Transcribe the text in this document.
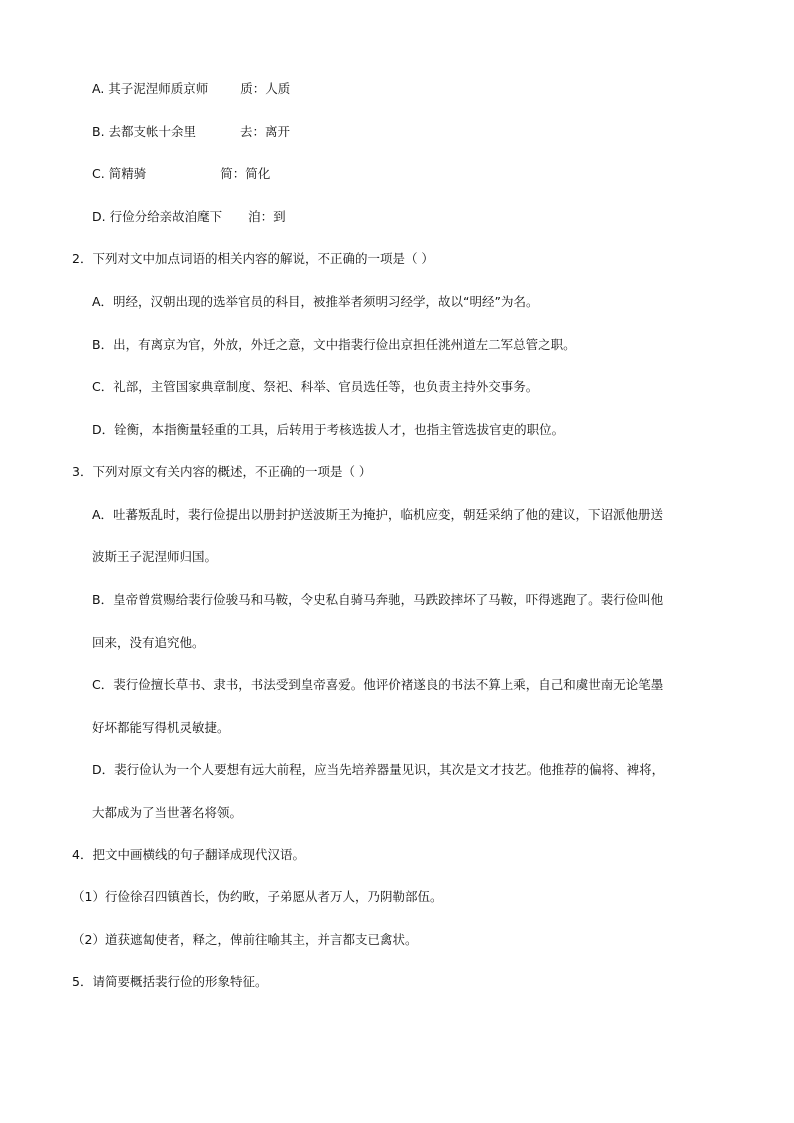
A. 其子泥涅师质京师	质：人质
B. 去都支帐十余里	去：离开
C. 简精骑	简：简化
D. 行俭分给亲故洎麾下 洎：到
2．下列对文中加点词语的相关内容的解说，不正确的一项是（ ）
A．明经，汉朝出现的选举官员的科目，被推举者须明习经学，故以“明经”为名。
B．出，有离京为官，外放，外迁之意，文中指裴行俭出京担任洮州道左二军总管之职。
C．礼部，主管国家典章制度、祭祀、科举、官员选任等，也负责主持外交事务。
D．铨衡，本指衡量轻重的工具，后转用于考核选拔人才，也指主管选拔官吏的职位。
3．下列对原文有关内容的概述，不正确的一项是（ ）
A．吐蕃叛乱时，裴行俭提出以册封护送波斯王为掩护，临机应变，朝廷采纳了他的建议，下诏派他册送
波斯王子泥涅师归国。
B．皇帝曾赏赐给裴行俭骏马和马鞍，令史私自骑马奔驰，马跌跤摔坏了马鞍，吓得逃跑了。裴行俭叫他
回来，没有追究他。
C．裴行俭擅长草书、隶书，书法受到皇帝喜爱。他评价褚遂良的书法不算上乘，自己和虞世南无论笔墨
好坏都能写得机灵敏捷。
D．裴行俭认为一个人要想有远大前程，应当先培养器量见识，其次是文才技艺。他推荐的偏将、裨将，
大都成为了当世著名将领。
4．把文中画横线的句子翻译成现代汉语。
（1）行俭徐召四镇酋长，伪约畋，子弟愿从者万人，乃阴勒部伍。
（2）道获遮匐使者，释之，俾前往喻其主，并言都支已禽状。
5．请简要概括裴行俭的形象特征。
